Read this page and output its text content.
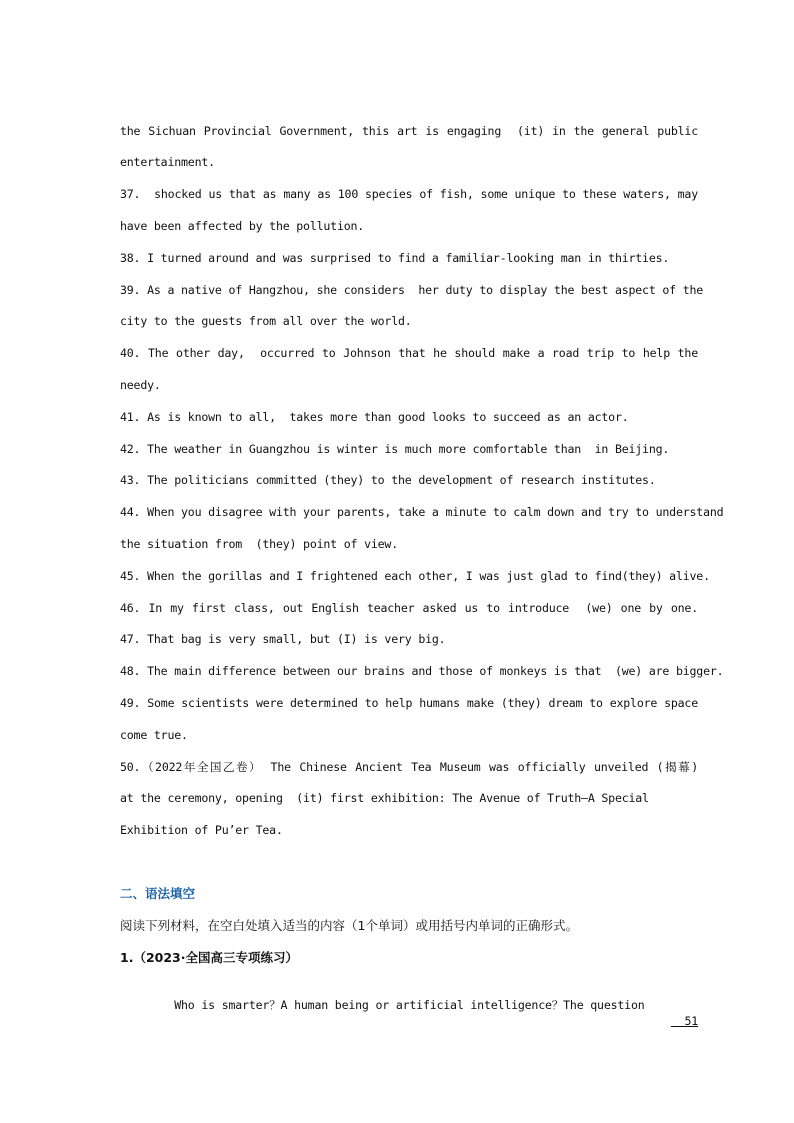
the Sichuan Provincial Government, this art is engaging  (it) in the general public
entertainment.
37.  shocked us that as many as 100 species of fish, some unique to these waters, may
have been affected by the pollution.
38. I turned around and was surprised to find a familiar-looking man in thirties.
39. As a native of Hangzhou, she considers  her duty to display the best aspect of the
city to the guests from all over the world.
40. The other day,  occurred to Johnson that he should make a road trip to help the
needy.
41. As is known to all,  takes more than good looks to succeed as an actor.
42. The weather in Guangzhou is winter is much more comfortable than  in Beijing.
43. The politicians committed (they) to the development of research institutes.
44. When you disagree with your parents, take a minute to calm down and try to understand
the situation from  (they) point of view.
45. When the gorillas and I frightened each other, I was just glad to find(they) alive.
46. In my first class, out English teacher asked us to introduce  (we) one by one.
47. That bag is very small, but (I) is very big.
48. The main difference between our brains and those of monkeys is that  (we) are bigger.
49. Some scientists were determined to help humans make (they) dream to explore space
come true.
50.（2022年全国乙卷） The Chinese Ancient Tea Museum was officially unveiled (揭幕)
at the ceremony, opening  (it) first exhibition: The Avenue of Truth—A Special
Exhibition of Pu’er Tea.
二、语法填空
阅读下列材料，在空白处填入适当的内容（1个单词）或用括号内单词的正确形式。
1.（2023·全国高三专项练习）

Who is smarter？A human being or artificial intelligence？The question

51
